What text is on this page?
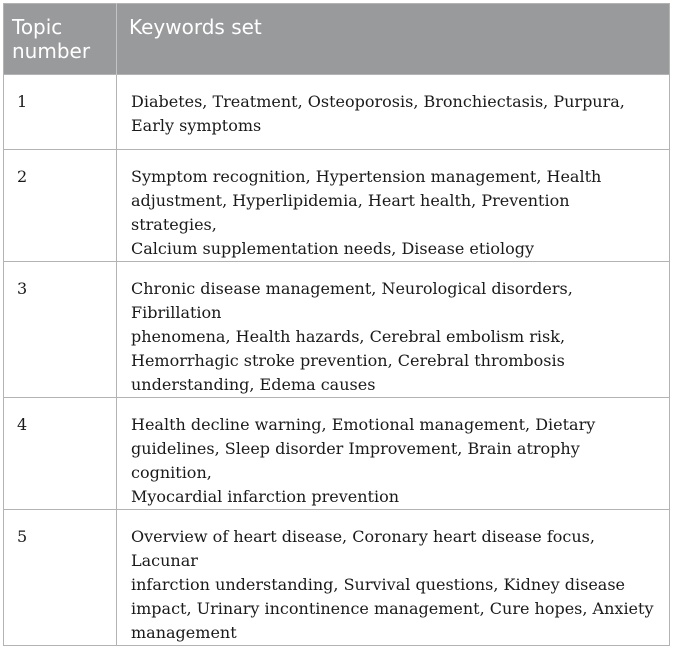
Topic
number	Keywords set
1	Diabetes, Treatment, Osteoporosis, Bronchiectasis, Purpura,
Early symptoms
2	Symptom recognition, Hypertension management, Health
adjustment, Hyperlipidemia, Heart health, Prevention strategies,
Calcium supplementation needs, Disease etiology
3	Chronic disease management, Neurological disorders, Fibrillation
phenomena, Health hazards, Cerebral embolism risk,
Hemorrhagic stroke prevention, Cerebral thrombosis
understanding, Edema causes
4	Health decline warning, Emotional management, Dietary
guidelines, Sleep disorder Improvement, Brain atrophy cognition,
Myocardial infarction prevention
5	Overview of heart disease, Coronary heart disease focus, Lacunar
infarction understanding, Survival questions, Kidney disease
impact, Urinary incontinence management, Cure hopes, Anxiety
management
